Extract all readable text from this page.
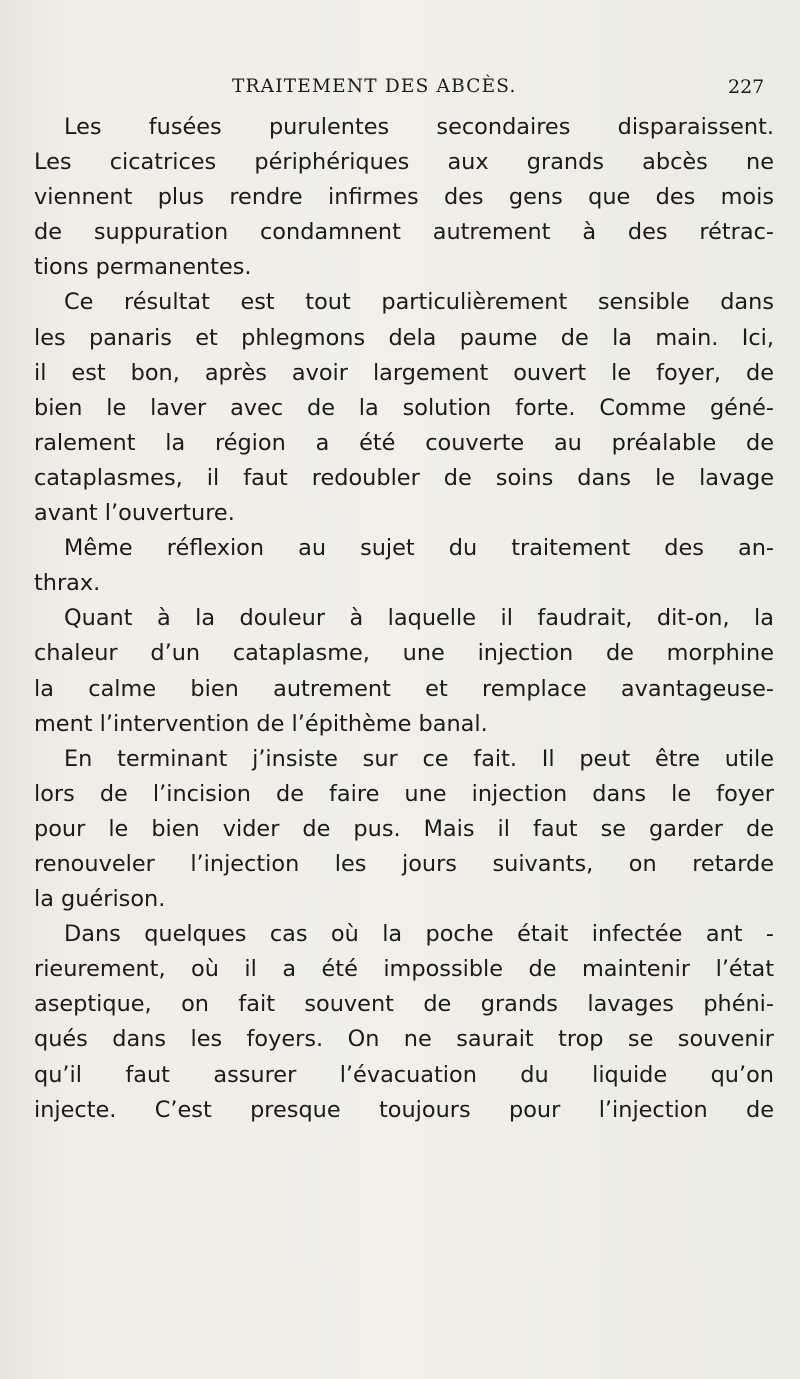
TRAITEMENT DES ABCÈS.	227
Les fusées purulentes secondaires disparaissent.
Les cicatrices périphériques aux grands abcès ne
viennent plus rendre infirmes des gens que des mois
de suppuration condamnent autrement à des rétrac-
tions permanentes.
Ce résultat est tout particulièrement sensible dans
les panaris et phlegmons dela paume de la main. Ici,
il est bon, après avoir largement ouvert le foyer, de
bien le laver avec de la solution forte. Comme géné-
ralement la région a été couverte au préalable de
cataplasmes, il faut redoubler de soins dans le lavage
avant l’ouverture.
Même réflexion au sujet du traitement des an-
thrax.
Quant à la douleur à laquelle il faudrait, dit-on, la
chaleur d’un cataplasme, une injection de morphine
la calme bien autrement et remplace avantageuse-
ment l’intervention de l’épithème banal.
En terminant j’insiste sur ce fait. Il peut être utile
lors de l’incision de faire une injection dans le foyer
pour le bien vider de pus. Mais il faut se garder de
renouveler l’injection les jours suivants, on retarde
la guérison.
Dans quelques cas où la poche était infectée ant -
rieurement, où il a été impossible de maintenir l’état
aseptique, on fait souvent de grands lavages phéni-
qués dans les foyers. On ne saurait trop se souvenir
qu’il faut assurer l’évacuation du liquide qu’on
injecte. C’est presque toujours pour l’injection de
